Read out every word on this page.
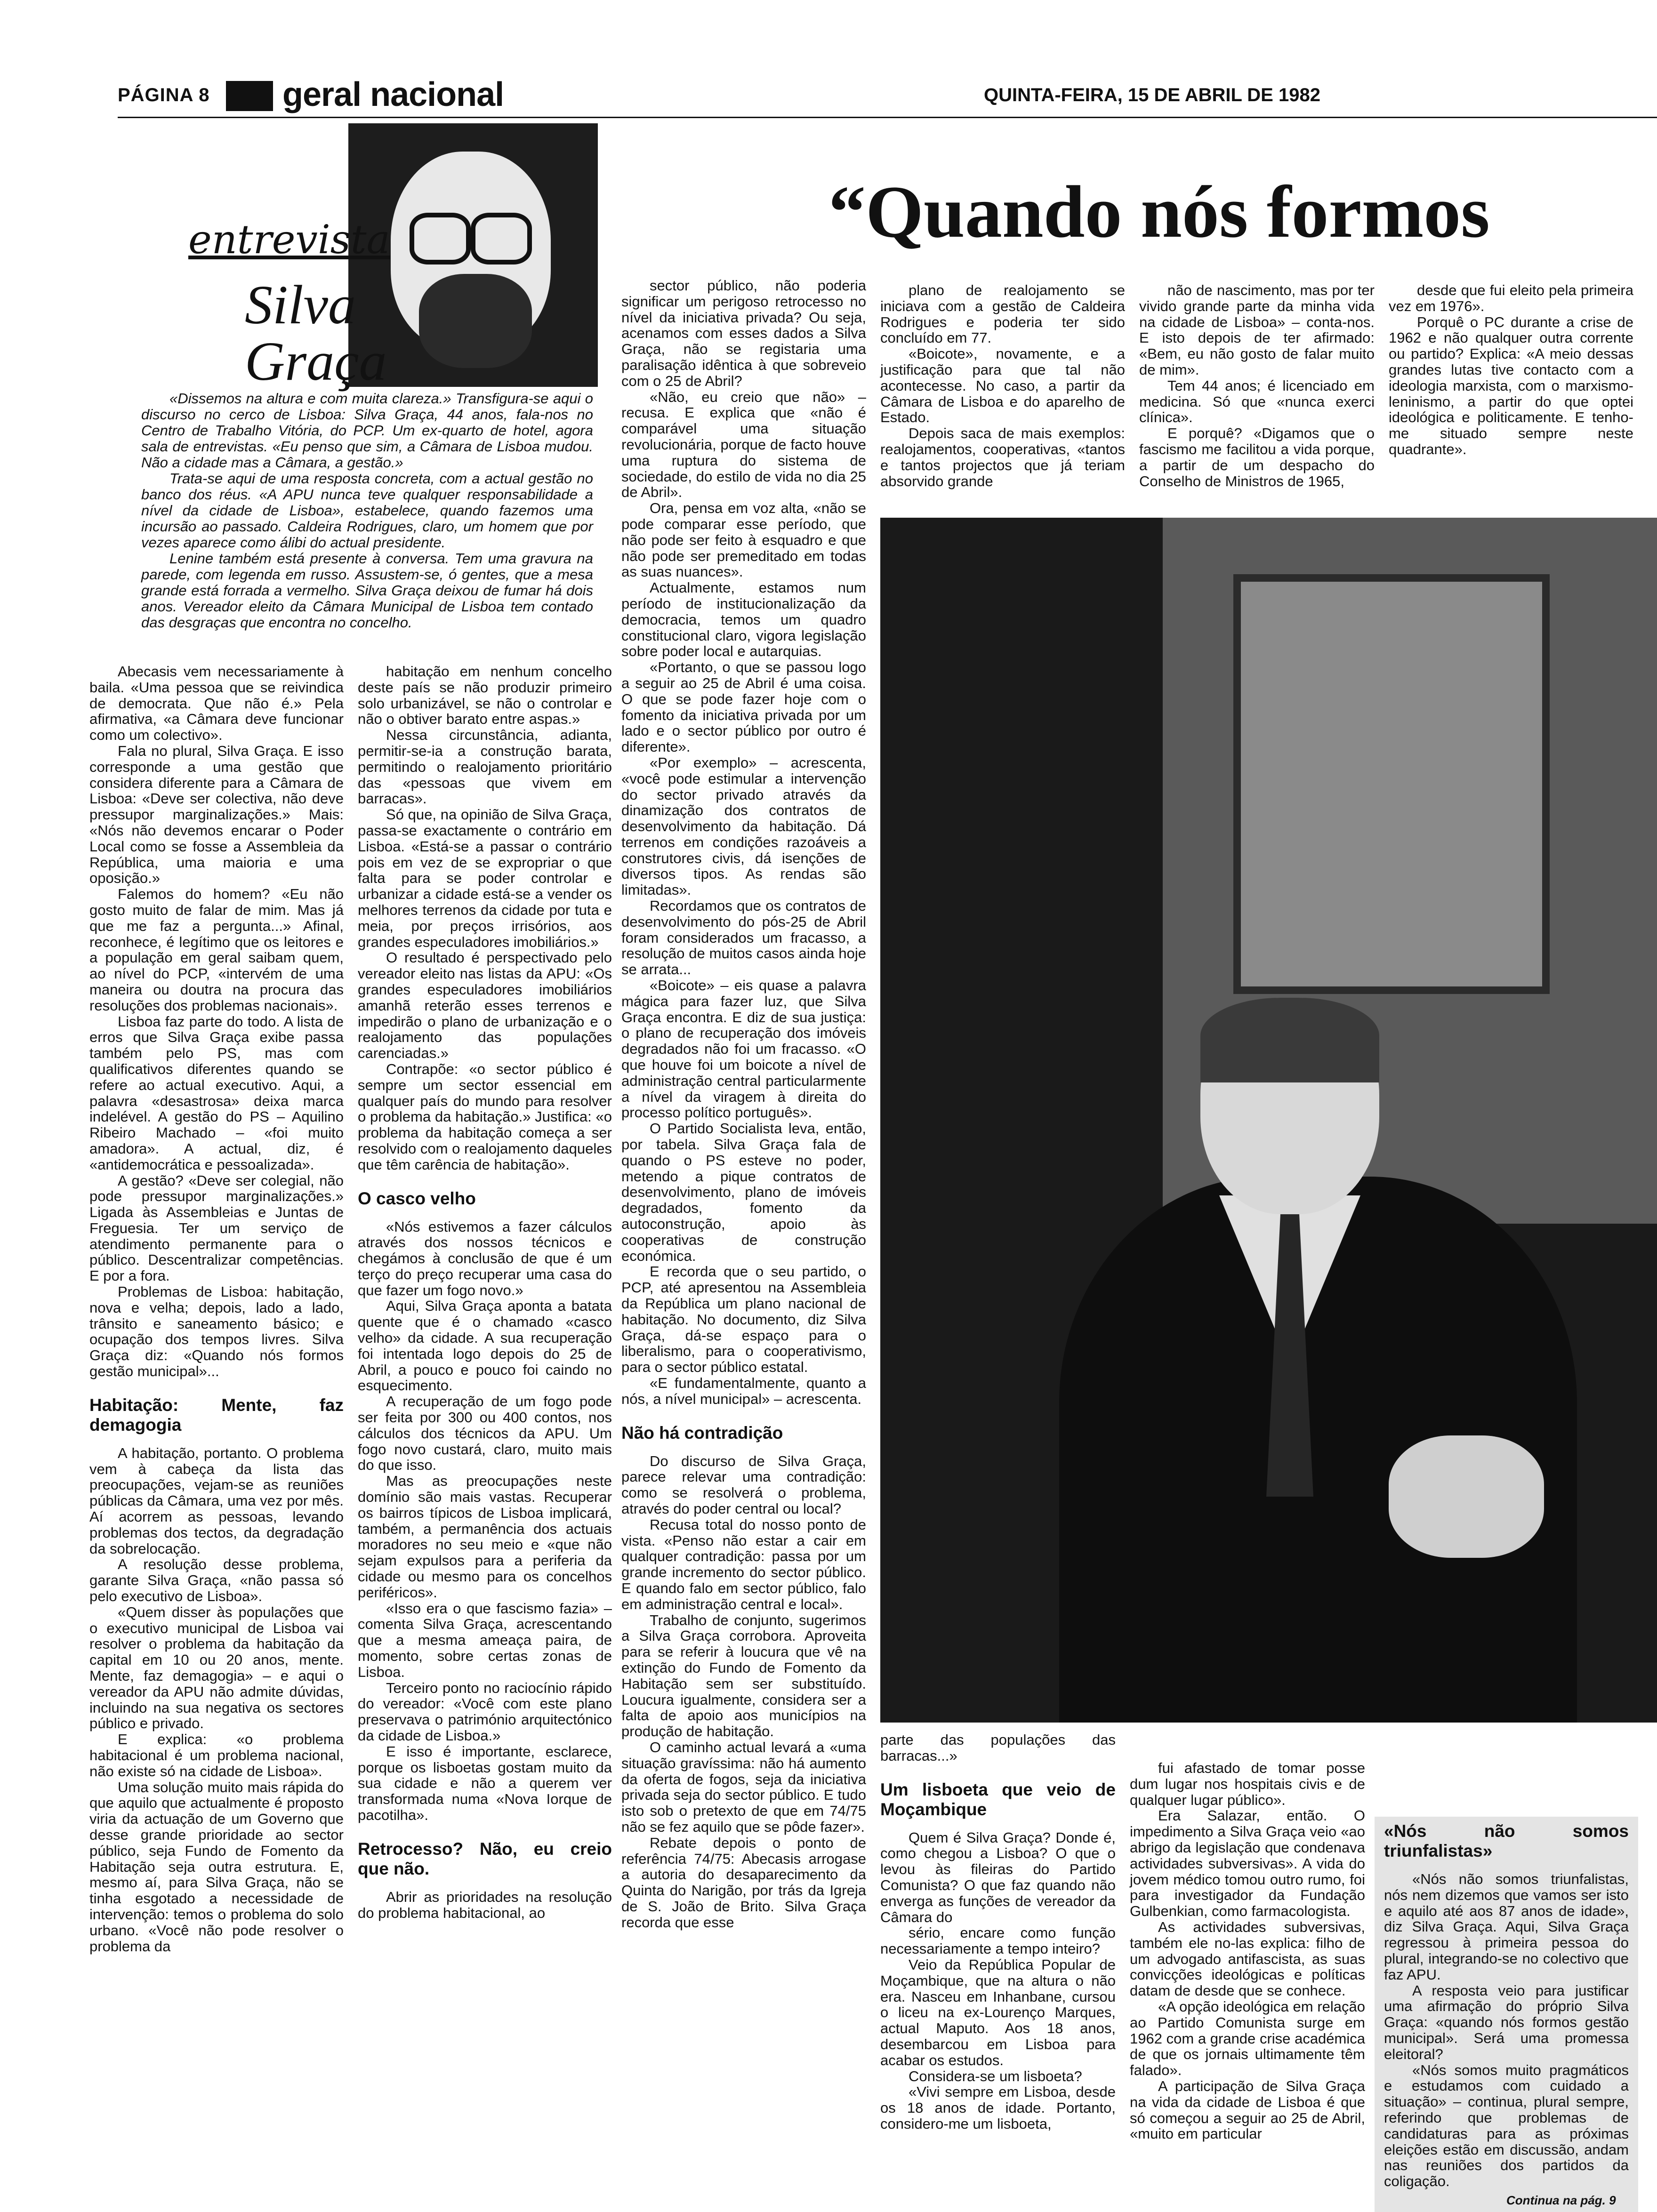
PÁGINA 8 geral nacional	QUINTA-FEIRA, 15 DE ABRIL DE 1982
entrevista
Silva
Graça
“Quando nós formos

«Dissemos na altura e com muita clareza.» Transfigura-se aqui o discurso no cerco de Lisboa: Silva Graça, 44 anos, fala-nos no Centro de Trabalho Vitória, do PCP. Um ex-quarto de hotel, agora sala de entrevistas. «Eu penso que sim, a Câmara de Lisboa mudou. Não a cidade mas a Câmara, a gestão.»

Trata-se aqui de uma resposta concreta, com a actual gestão no banco dos réus. «A APU nunca teve qualquer responsabilidade a nível da cidade de Lisboa», estabelece, quando fazemos uma incursão ao passado. Caldeira Rodrigues, claro, um homem que por vezes aparece como álibi do actual presidente.

Lenine também está presente à conversa. Tem uma gravura na parede, com legenda em russo. Assustem-se, ó gentes, que a mesa grande está forrada a vermelho. Silva Graça deixou de fumar há dois anos. Vereador eleito da Câmara Municipal de Lisboa tem contado das desgraças que encontra no concelho.

Abecasis vem necessariamente à baila. «Uma pessoa que se reivindica de democrata. Que não é.» Pela afirmativa, «a Câmara deve funcionar como um colectivo».

Fala no plural, Silva Graça. E isso corresponde a uma gestão que considera diferente para a Câmara de Lisboa: «Deve ser colectiva, não deve pressupor marginalizações.» Mais: «Nós não devemos encarar o Poder Local como se fosse a Assembleia da República, uma maioria e uma oposição.»

Falemos do homem? «Eu não gosto muito de falar de mim. Mas já que me faz a pergunta...» Afinal, reconhece, é legítimo que os leitores e a população em geral saibam quem, ao nível do PCP, «intervém de uma maneira ou doutra na procura das resoluções dos problemas nacionais».

Lisboa faz parte do todo. A lista de erros que Silva Graça exibe passa também pelo PS, mas com qualificativos diferentes quando se refere ao actual executivo. Aqui, a palavra «desastrosa» deixa marca indelével. A gestão do PS – Aquilino Ribeiro Machado – «foi muito amadora». A actual, diz, é «antidemocrática e pessoalizada».

A gestão? «Deve ser colegial, não pode pressupor marginalizações.» Ligada às Assembleias e Juntas de Freguesia. Ter um serviço de atendimento permanente para o público. Descentralizar competências. E por a fora.

Problemas de Lisboa: habitação, nova e velha; depois, lado a lado, trânsito e saneamento básico; e ocupação dos tempos livres. Silva Graça diz: «Quando nós formos gestão municipal»...

Habitação: Mente, faz demagogia

A habitação, portanto. O problema vem à cabeça da lista das preocupações, vejam-se as reuniões públicas da Câmara, uma vez por mês. Aí acorrem as pessoas, levando problemas dos tectos, da degradação da sobrelocação.

A resolução desse problema, garante Silva Graça, «não passa só pelo executivo de Lisboa».

«Quem disser às populações que o executivo municipal de Lisboa vai resolver o problema da habitação da capital em 10 ou 20 anos, mente. Mente, faz demagogia» – e aqui o vereador da APU não admite dúvidas, incluindo na sua negativa os sectores público e privado.

E explica: «o problema habitacional é um problema nacional, não existe só na cidade de Lisboa».

Uma solução muito mais rápida do que aquilo que actualmente é proposto viria da actuação de um Governo que desse grande prioridade ao sector público, seja Fundo de Fomento da Habitação seja outra estrutura. E, mesmo aí, para Silva Graça, não se tinha esgotado a necessidade de intervenção: temos o problema do solo urbano. «Você não pode resolver o problema da

habitação em nenhum concelho deste país se não produzir primeiro solo urbanizável, se não o controlar e não o obtiver barato entre aspas.»

Nessa circunstância, adianta, permitir-se-ia a construção barata, permitindo o realojamento prioritário das «pessoas que vivem em barracas».

Só que, na opinião de Silva Graça, passa-se exactamente o contrário em Lisboa. «Está-se a passar o contrário pois em vez de se expropriar o que falta para se poder controlar e urbanizar a cidade está-se a vender os melhores terrenos da cidade por tuta e meia, por preços irrisórios, aos grandes especuladores imobiliários.»

O resultado é perspectivado pelo vereador eleito nas listas da APU: «Os grandes especuladores imobiliários amanhã reterão esses terrenos e impedirão o plano de urbanização e o realojamento das populações carenciadas.»

Contrapõe: «o sector público é sempre um sector essencial em qualquer país do mundo para resolver o problema da habitação.» Justifica: «o problema da habitação começa a ser resolvido com o realojamento daqueles que têm carência de habitação».

O casco velho

«Nós estivemos a fazer cálculos através dos nossos técnicos e chegámos à conclusão de que é um terço do preço recuperar uma casa do que fazer um fogo novo.»

Aqui, Silva Graça aponta a batata quente que é o chamado «casco velho» da cidade. A sua recuperação foi intentada logo depois do 25 de Abril, a pouco e pouco foi caindo no esquecimento.

A recuperação de um fogo pode ser feita por 300 ou 400 contos, nos cálculos dos técnicos da APU. Um fogo novo custará, claro, muito mais do que isso.

Mas as preocupações neste domínio são mais vastas. Recuperar os bairros típicos de Lisboa implicará, também, a permanência dos actuais moradores no seu meio e «que não sejam expulsos para a periferia da cidade ou mesmo para os concelhos periféricos».

«Isso era o que fascismo fazia» – comenta Silva Graça, acrescentando que a mesma ameaça paira, de momento, sobre certas zonas de Lisboa.

Terceiro ponto no raciocínio rápido do vereador: «Você com este plano preservava o património arquitectónico da cidade de Lisboa.»

E isso é importante, esclarece, porque os lisboetas gostam muito da sua cidade e não a querem ver transformada numa «Nova Iorque de pacotilha».

Retrocesso? Não, eu creio que não.

Abrir as prioridades na resolução do problema habitacional, ao

sector público, não poderia significar um perigoso retrocesso no nível da iniciativa privada? Ou seja, acenamos com esses dados a Silva Graça, não se registaria uma paralisação idêntica à que sobreveio com o 25 de Abril?

«Não, eu creio que não» – recusa. E explica que «não é comparável uma situação revolucionária, porque de facto houve uma ruptura do sistema de sociedade, do estilo de vida no dia 25 de Abril».

Ora, pensa em voz alta, «não se pode comparar esse período, que não pode ser feito à esquadro e que não pode ser premeditado em todas as suas nuances».

Actualmente, estamos num período de institucionalização da democracia, temos um quadro constitucional claro, vigora legislação sobre poder local e autarquias.

«Portanto, o que se passou logo a seguir ao 25 de Abril é uma coisa. O que se pode fazer hoje com o fomento da iniciativa privada por um lado e o sector público por outro é diferente».

«Por exemplo» – acrescenta, «você pode estimular a intervenção do sector privado através da dinamização dos contratos de desenvolvimento da habitação. Dá terrenos em condições razoáveis a construtores civis, dá isenções de diversos tipos. As rendas são limitadas».

Recordamos que os contratos de desenvolvimento do pós-25 de Abril foram considerados um fracasso, a resolução de muitos casos ainda hoje se arrata...

«Boicote» – eis quase a palavra mágica para fazer luz, que Silva Graça encontra. E diz de sua justiça: o plano de recuperação dos imóveis degradados não foi um fracasso. «O que houve foi um boicote a nível de administração central particularmente a nível da viragem à direita do processo político português».

O Partido Socialista leva, então, por tabela. Silva Graça fala de quando o PS esteve no poder, metendo a pique contratos de desenvolvimento, plano de imóveis degradados, fomento da autoconstrução, apoio às cooperativas de construção económica.

E recorda que o seu partido, o PCP, até apresentou na Assembleia da República um plano nacional de habitação. No documento, diz Silva Graça, dá-se espaço para o liberalismo, para o cooperativismo, para o sector público estatal.

«E fundamentalmente, quanto a nós, a nível municipal» – acrescenta.

Não há contradição

Do discurso de Silva Graça, parece relevar uma contradição: como se resolverá o problema, através do poder central ou local?

Recusa total do nosso ponto de vista. «Penso não estar a cair em qualquer contradição: passa por um grande incremento do sector público. E quando falo em sector público, falo em administração central e local».

Trabalho de conjunto, sugerimos a Silva Graça corrobora. Aproveita para se referir à loucura que vê na extinção do Fundo de Fomento da Habitação sem ser substituído. Loucura igualmente, considera ser a falta de apoio aos municípios na produção de habitação.

O caminho actual levará a «uma situação gravíssima: não há aumento da oferta de fogos, seja da iniciativa privada seja do sector público. E tudo isto sob o pretexto de que em 74/75 não se fez aquilo que se pôde fazer».

Rebate depois o ponto de referência 74/75: Abecasis arrogase a autoria do desaparecimento da Quinta do Narigão, por trás da Igreja de S. João de Brito. Silva Graça recorda que esse

plano de realojamento se iniciava com a gestão de Caldeira Rodrigues e poderia ter sido concluído em 77.

«Boicote», novamente, e a justificação para que tal não acontecesse. No caso, a partir da Câmara de Lisboa e do aparelho de Estado.

Depois saca de mais exemplos: realojamentos, cooperativas, «tantos e tantos projectos que já teriam absorvido grande

não de nascimento, mas por ter vivido grande parte da minha vida na cidade de Lisboa» – conta-nos. E isto depois de ter afirmado: «Bem, eu não gosto de falar muito de mim».

Tem 44 anos; é licenciado em medicina. Só que «nunca exerci clínica».

E porquê? «Digamos que o fascismo me facilitou a vida porque, a partir de um despacho do Conselho de Ministros de 1965,

desde que fui eleito pela primeira vez em 1976».

Porquê o PC durante a crise de 1962 e não qualquer outra corrente ou partido? Explica: «A meio dessas grandes lutas tive contacto com a ideologia marxista, com o marxismo-leninismo, a partir do que optei ideológica e politicamente. E tenho-me situado sempre neste quadrante».

parte das populações das barracas...»

Um lisboeta que veio de Moçambique

Quem é Silva Graça? Donde é, como chegou a Lisboa? O que o levou às fileiras do Partido Comunista? O que faz quando não enverga as funções de vereador da Câmara do

sério, encare como função necessariamente a tempo inteiro?

Veio da República Popular de Moçambique, que na altura o não era. Nasceu em Inhanbane, cursou o liceu na ex-Lourenço Marques, actual Maputo. Aos 18 anos, desembarcou em Lisboa para acabar os estudos.

Considera-se um lisboeta?

«Vivi sempre em Lisboa, desde os 18 anos de idade. Portanto, considero-me um lisboeta,

fui afastado de tomar posse dum lugar nos hospitais civis e de qualquer lugar público».

Era Salazar, então. O impedimento a Silva Graça veio «ao abrigo da legislação que condenava actividades subversivas». A vida do jovem médico tomou outro rumo, foi para investigador da Fundação Gulbenkian, como farmacologista.

As actividades subversivas, também ele no-las explica: filho de um advogado antifascista, as suas convicções ideológicas e políticas datam de desde que se conhece.

«A opção ideológica em relação ao Partido Comunista surge em 1962 com a grande crise académica de que os jornais ultimamente têm falado».

A participação de Silva Graça na vida da cidade de Lisboa é que só começou a seguir ao 25 de Abril, «muito em particular

«Nós não somos triunfalistas»

«Nós não somos triunfalistas, nós nem dizemos que vamos ser isto e aquilo até aos 87 anos de idade», diz Silva Graça. Aqui, Silva Graça regressou à primeira pessoa do plural, integrando-se no colectivo que faz APU.

A resposta veio para justificar uma afirmação do próprio Silva Graça: «quando nós formos gestão municipal». Será uma promessa eleitoral?

«Nós somos muito pragmáticos e estudamos com cuidado a situação» – continua, plural sempre, referindo que problemas de candidaturas para as próximas eleições estão em discussão, andam nas reuniões dos partidos da coligação.

Continua na pág. 9
